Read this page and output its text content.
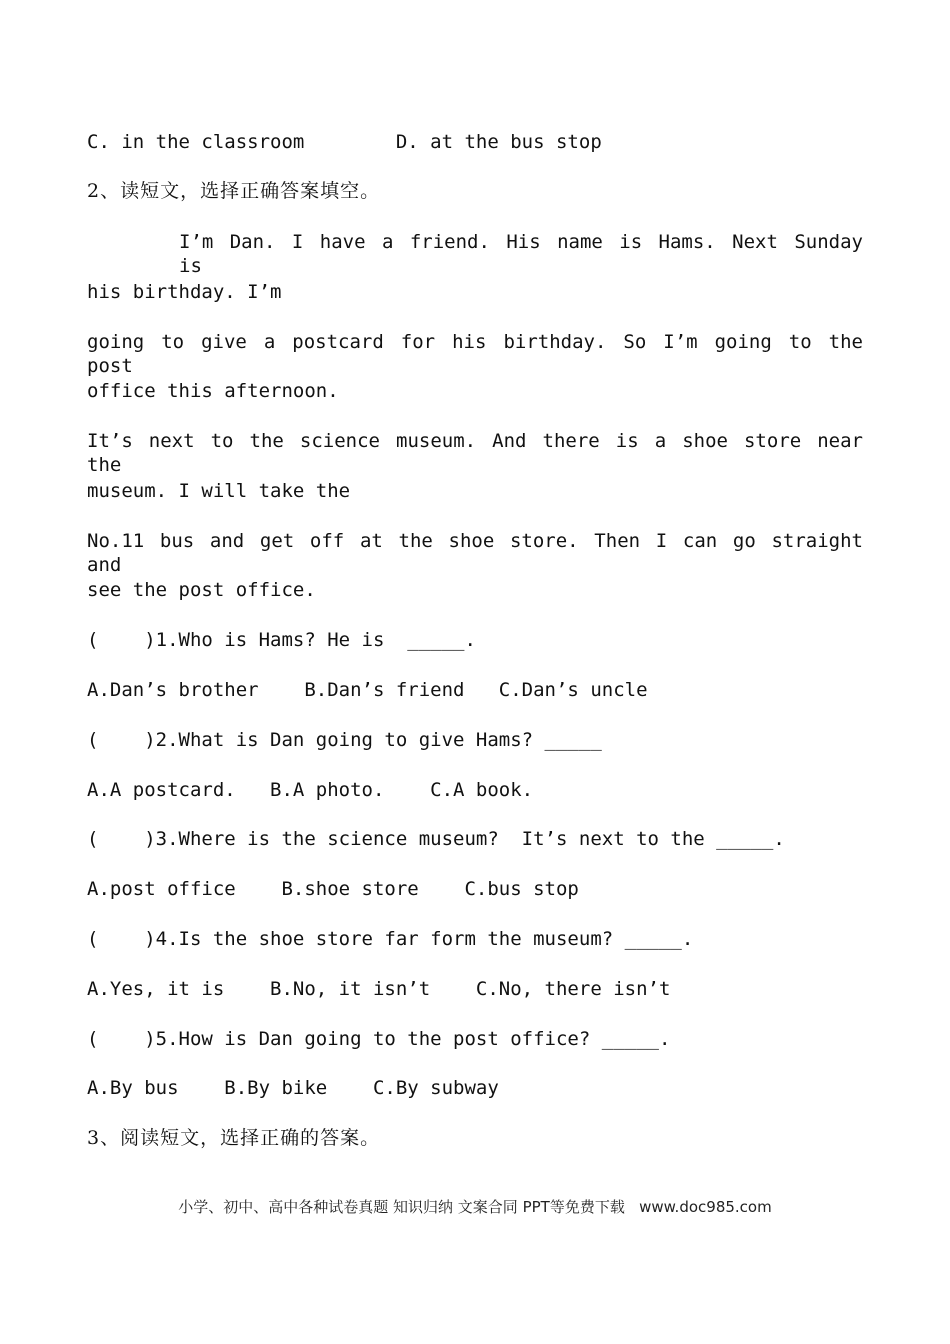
C. in the classroom        D. at the bus stop
2、读短文，选择正确答案填空。
I’m Dan. I have a friend. His name is Hams. Next Sunday is
his birthday. I’m
going to give a postcard for his birthday. So I’m going to the post
office this afternoon.
It’s next to the science museum. And there is a shoe store near the
museum. I will take the
No.11 bus and get off at the shoe store. Then I can go straight and
see the post office.
(    )1.Who is Hams? He is  _____.
A.Dan’s brother    B.Dan’s friend   C.Dan’s uncle
(    )2.What is Dan going to give Hams? _____
A.A postcard.   B.A photo.    C.A book.
(    )3.Where is the science museum?  It’s next to the _____.
A.post office    B.shoe store    C.bus stop
(    )4.Is the shoe store far form the museum? _____.
A.Yes, it is    B.No, it isn’t    C.No, there isn’t
(    )5.How is Dan going to the post office? _____.
A.By bus    B.By bike    C.By subway
3、阅读短文，选择正确的答案。
小学、初中、高中各种试卷真题 知识归纳 文案合同 PPT等免费下载   www.doc985.com
